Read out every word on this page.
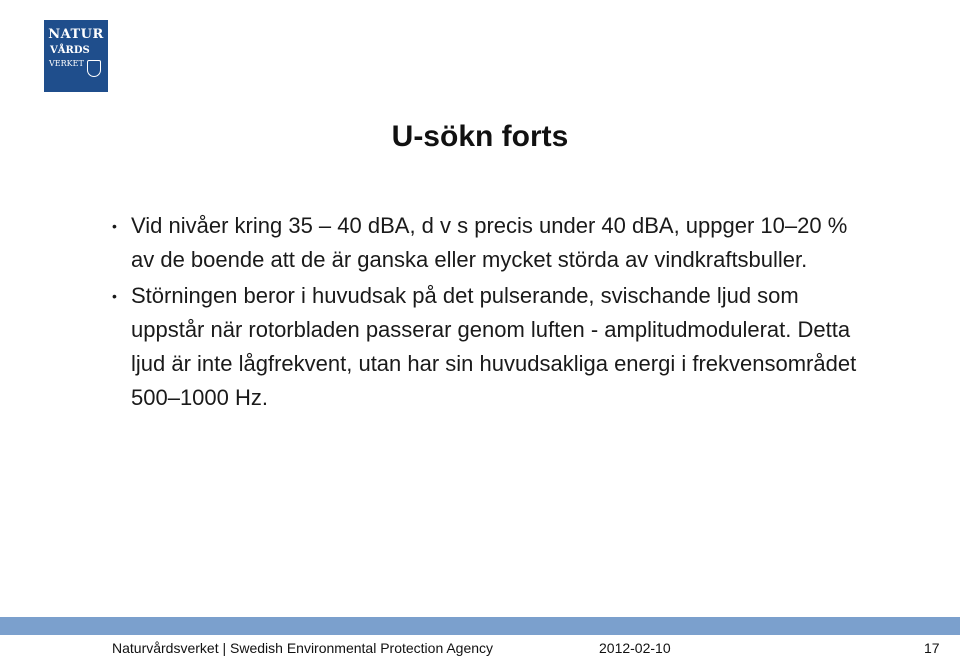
NATUR
VÅRDS
VERKET
U-sökn forts
• Vid nivåer kring 35 – 40 dBA, d v s precis under 40 dBA, uppger 10–20 % av de boende att de är ganska eller mycket störda av vindkraftsbuller.
• Störningen beror i huvudsak på det pulserande, svischande ljud som uppstår när rotorbladen passerar genom luften - amplitudmodulerat. Detta ljud är inte lågfrekvent, utan har sin huvudsakliga energi i frekvensområdet 500–1000 Hz.
Naturvårdsverket | Swedish Environmental Protection Agency	2012-02-10	17
